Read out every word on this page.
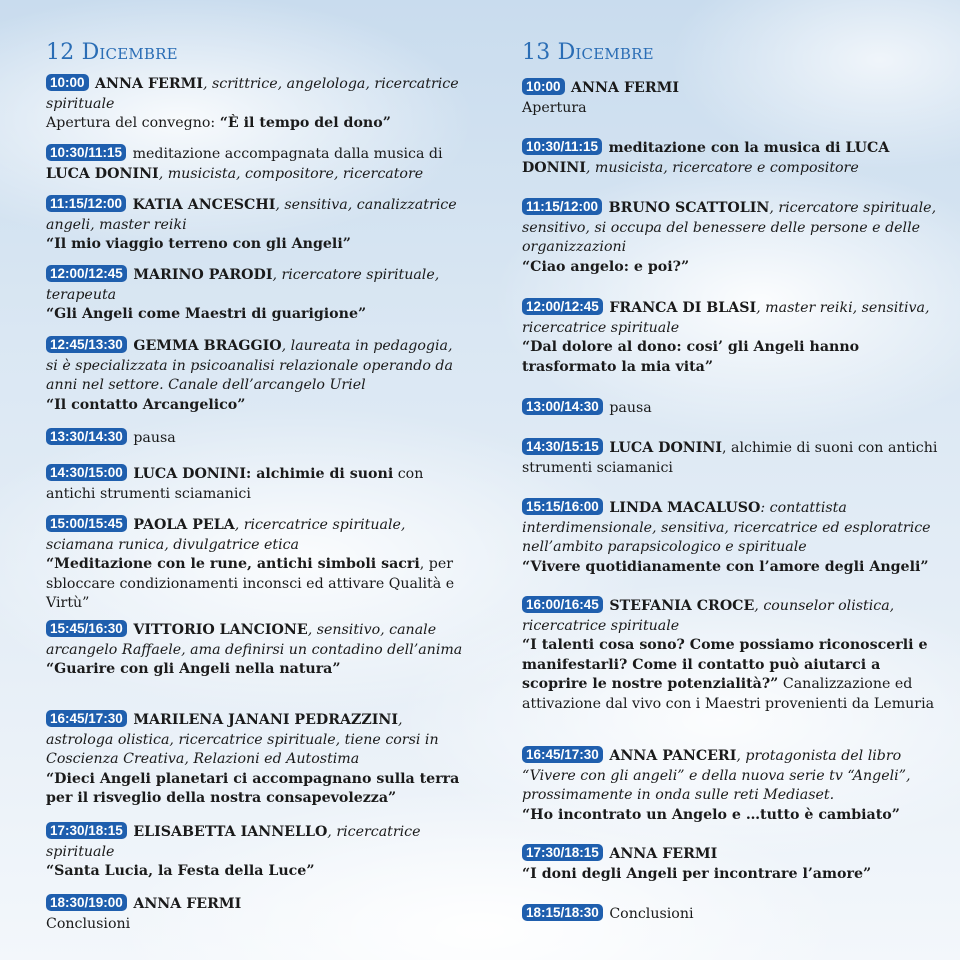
12 Dicembre
10:00 ANNA FERMI, scrittrice, angelologa, ricercatrice spirituale
Apertura del convegno: “È il tempo del dono”
10:30/11:15 meditazione accompagnata dalla musica di LUCA DONINI, musicista, compositore, ricercatore
11:15/12:00 KATIA ANCESCHI, sensitiva, canalizzatrice angeli, master reiki
“Il mio viaggio terreno con gli Angeli”
12:00/12:45 MARINO PARODI, ricercatore spirituale, terapeuta
“Gli Angeli come Maestri di guarigione”
12:45/13:30 GEMMA BRAGGIO, laureata in pedagogia, si è specializzata in psicoanalisi relazionale operando da anni nel settore. Canale dell’arcangelo Uriel
“Il contatto Arcangelico”
13:30/14:30 pausa
14:30/15:00 LUCA DONINI: alchimie di suoni con antichi strumenti sciamanici
15:00/15:45 PAOLA PELA, ricercatrice spirituale, sciamana runica, divulgatrice etica
“Meditazione con le rune, antichi simboli sacri, per sbloccare condizionamenti inconsci ed attivare Qualità e Virtù”
15:45/16:30 VITTORIO LANCIONE, sensitivo, canale arcangelo Raffaele, ama definirsi un contadino dell’anima
“Guarire con gli Angeli nella natura”
16:45/17:30 MARILENA JANANI PEDRAZZINI, astrologa olistica, ricercatrice spirituale, tiene corsi in Coscienza Creativa, Relazioni ed Autostima
“Dieci Angeli planetari ci accompagnano sulla terra per il risveglio della nostra consapevolezza”
17:30/18:15 ELISABETTA IANNELLO, ricercatrice spirituale
“Santa Lucia, la Festa della Luce”
18:30/19:00 ANNA FERMI
Conclusioni
13 Dicembre
10:00 ANNA FERMI
Apertura
10:30/11:15 meditazione con la musica di LUCA DONINI, musicista, ricercatore e compositore
11:15/12:00 BRUNO SCATTOLIN, ricercatore spirituale, sensitivo, si occupa del benessere delle persone e delle organizzazioni
“Ciao angelo: e poi?”
12:00/12:45 FRANCA DI BLASI, master reiki, sensitiva, ricercatrice spirituale
“Dal dolore al dono: cosi’ gli Angeli hanno trasformato la mia vita”
13:00/14:30 pausa
14:30/15:15 LUCA DONINI, alchimie di suoni con antichi strumenti sciamanici
15:15/16:00 LINDA MACALUSO: contattista interdimensionale, sensitiva, ricercatrice ed esploratrice nell’ambito parapsicologico e spirituale
“Vivere quotidianamente con l’amore degli Angeli”
16:00/16:45 STEFANIA CROCE, counselor olistica, ricercatrice spirituale
“I talenti cosa sono? Come possiamo riconoscerli e manifestarli? Come il contatto può aiutarci a scoprire le nostre potenzialità?” Canalizzazione ed attivazione dal vivo con i Maestri provenienti da Lemuria
16:45/17:30 ANNA PANCERI, protagonista del libro “Vivere con gli angeli” e della nuova serie tv “Angeli”, prossimamente in onda sulle reti Mediaset.
“Ho incontrato un Angelo e …tutto è cambiato”
17:30/18:15 ANNA FERMI
“I doni degli Angeli per incontrare l’amore”
18:15/18:30 Conclusioni
